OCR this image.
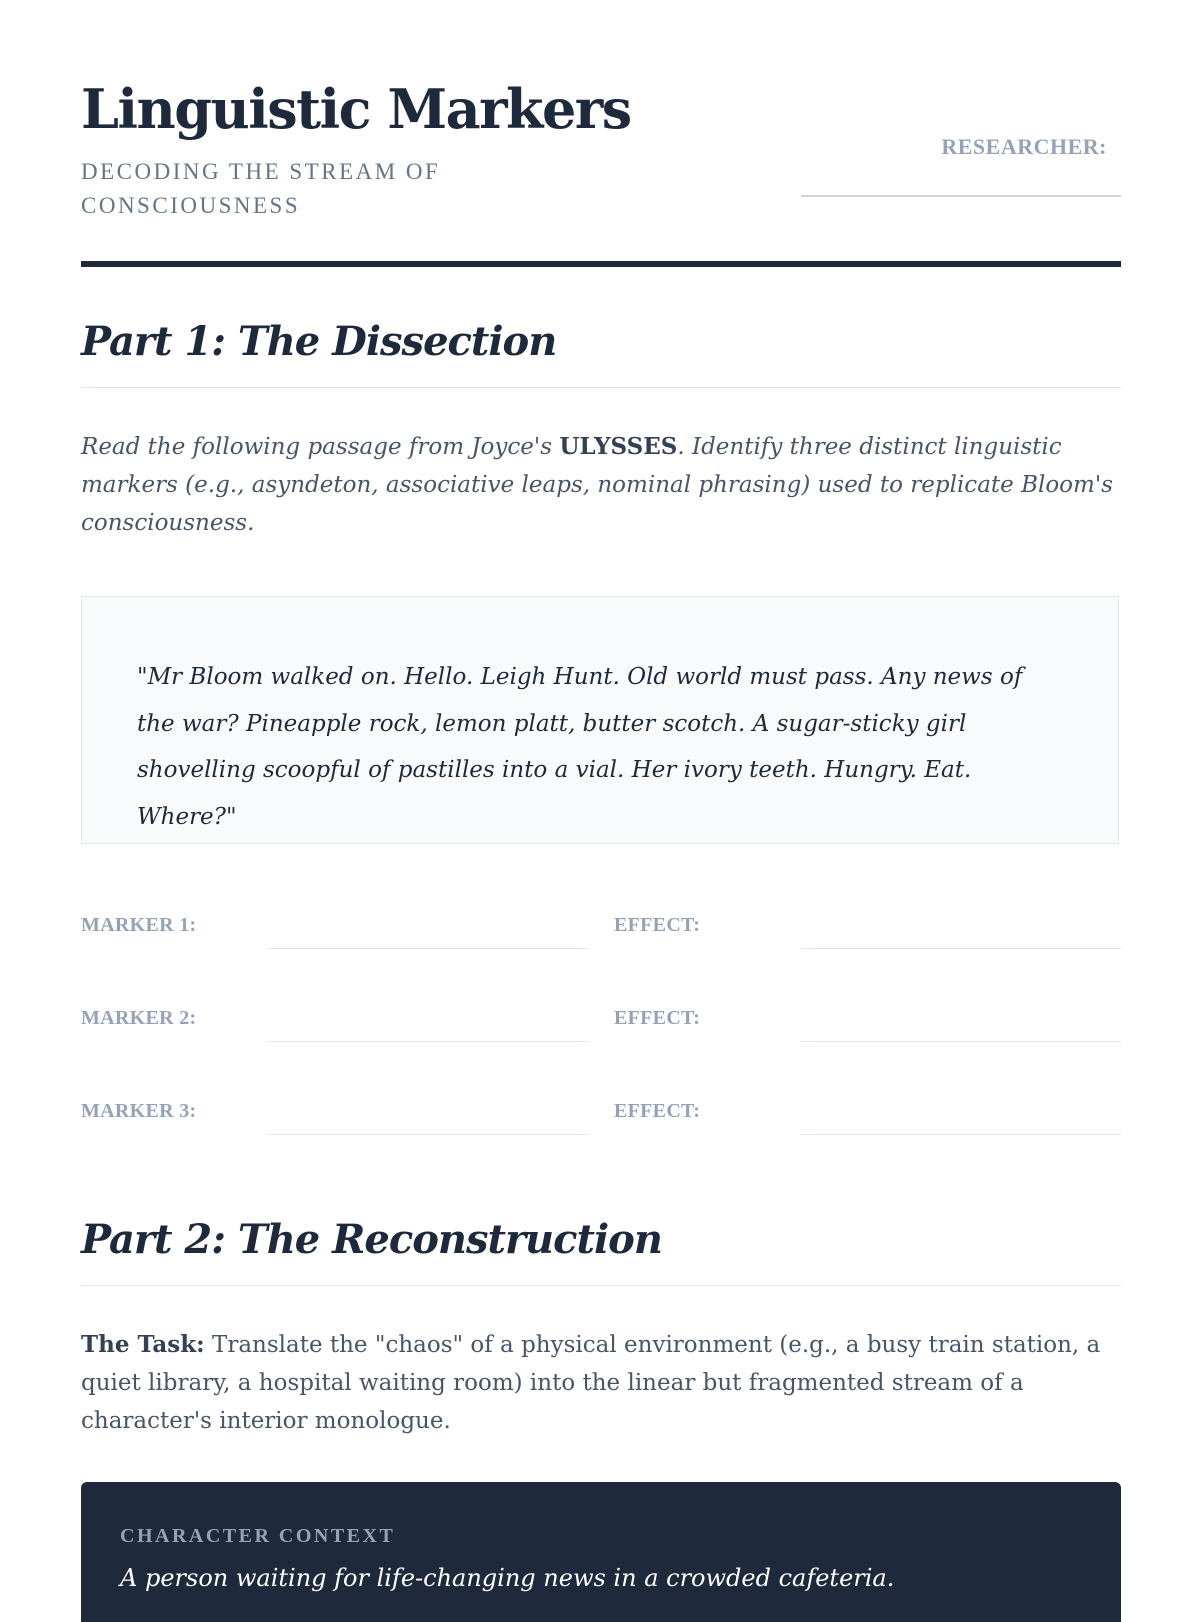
Linguistic Markers
DECODING THE STREAM OF CONSCIOUSNESS
RESEARCHER:
Part 1: The Dissection

Read the following passage from Joyce's ULYSSES. Identify three distinct linguistic markers (e.g., asyndeton, associative leaps, nominal phrasing) used to replicate Bloom's consciousness.

"Mr Bloom walked on. Hello. Leigh Hunt. Old world must pass. Any news of the war? Pineapple rock, lemon platt, butter scotch. A sugar-sticky girl shovelling scoopful of pastilles into a vial. Her ivory teeth. Hungry. Eat. Where?"

MARKER 1:	EFFECT:
MARKER 2:	EFFECT:
MARKER 3:	EFFECT:
Part 2: The Reconstruction

The Task: Translate the "chaos" of a physical environment (e.g., a busy train station, a quiet library, a hospital waiting room) into the linear but fragmented stream of a character's interior monologue.

CHARACTER CONTEXT
A person waiting for life-changing news in a crowded cafeteria.
